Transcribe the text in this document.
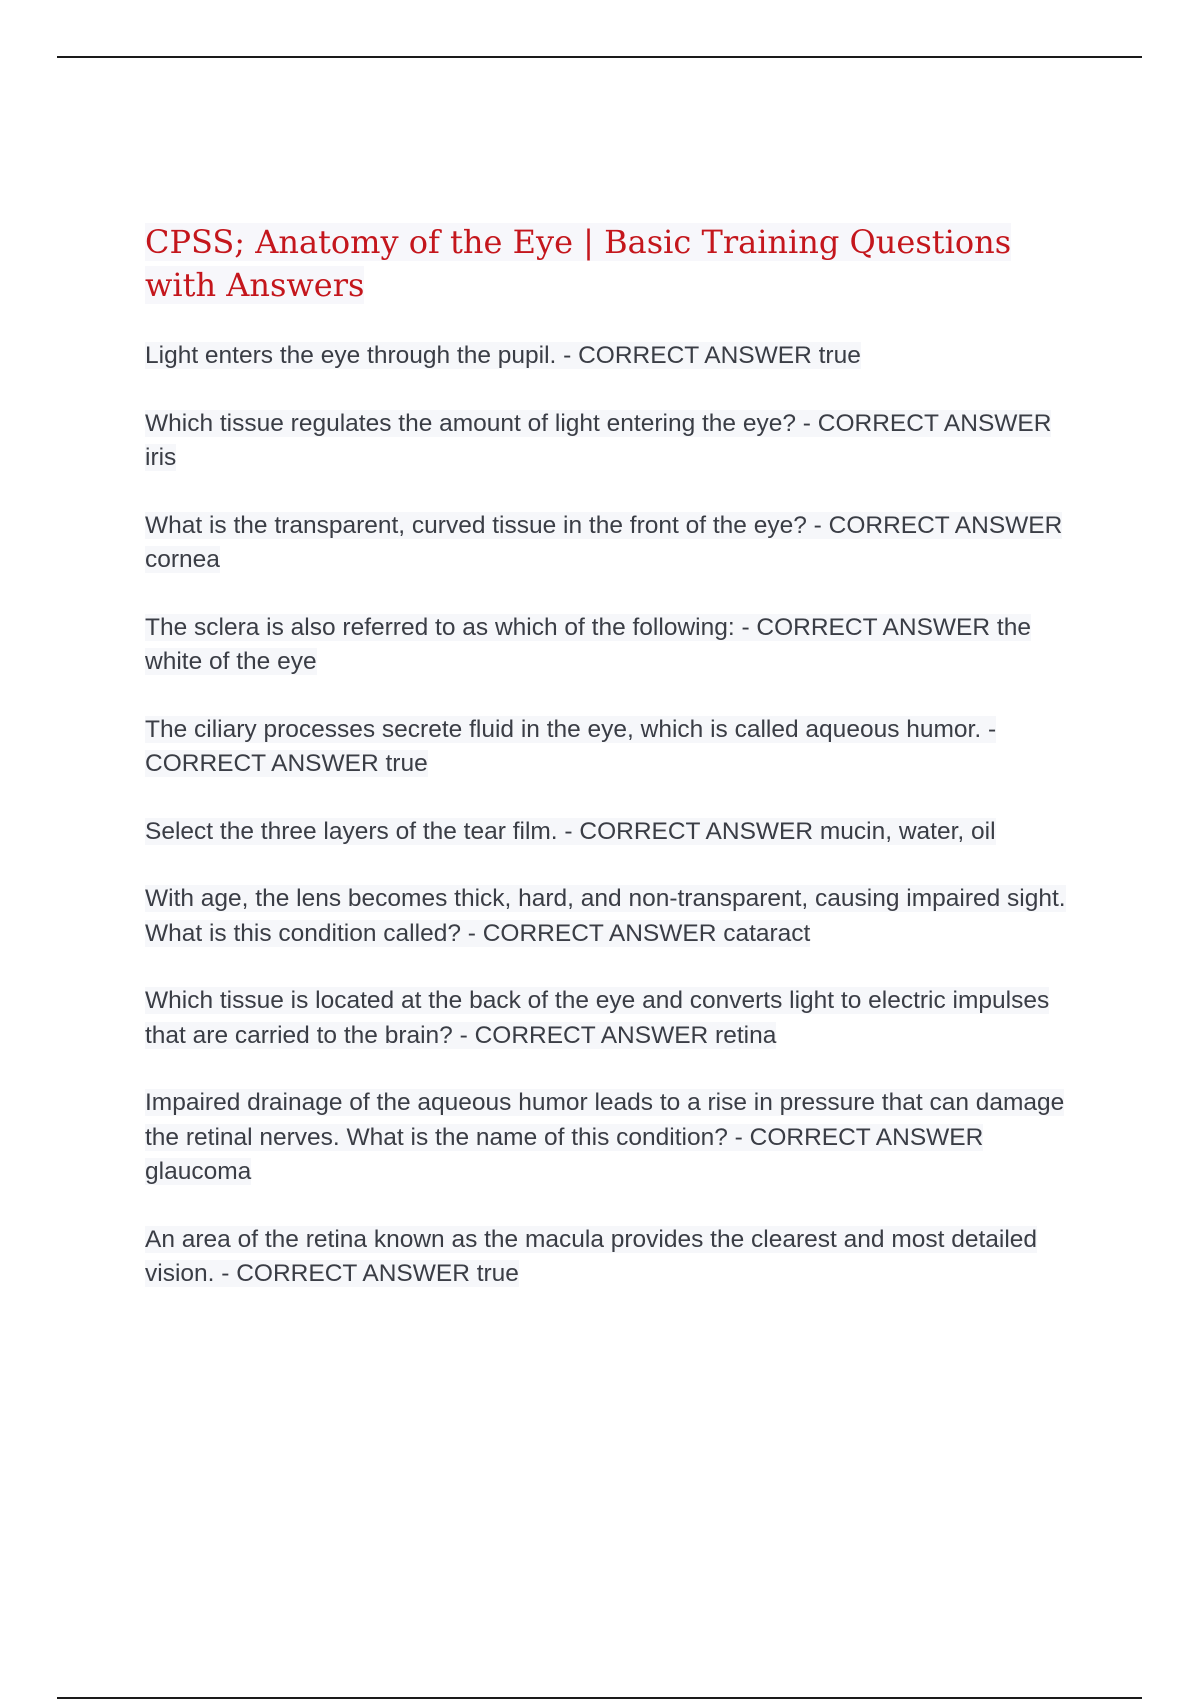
CPSS; Anatomy of the Eye | Basic Training Questions with Answers
Light enters the eye through the pupil. - CORRECT ANSWER true
Which tissue regulates the amount of light entering the eye? - CORRECT ANSWER iris
What is the transparent, curved tissue in the front of the eye? - CORRECT ANSWER cornea
The sclera is also referred to as which of the following: - CORRECT ANSWER the white of the eye
The ciliary processes secrete fluid in the eye, which is called aqueous humor. - CORRECT ANSWER true
Select the three layers of the tear film. - CORRECT ANSWER mucin, water, oil
With age, the lens becomes thick, hard, and non-transparent, causing impaired sight. What is this condition called? - CORRECT ANSWER cataract
Which tissue is located at the back of the eye and converts light to electric impulses that are carried to the brain? - CORRECT ANSWER retina
Impaired drainage of the aqueous humor leads to a rise in pressure that can damage the retinal nerves. What is the name of this condition? - CORRECT ANSWER glaucoma
An area of the retina known as the macula provides the clearest and most detailed vision. - CORRECT ANSWER true
